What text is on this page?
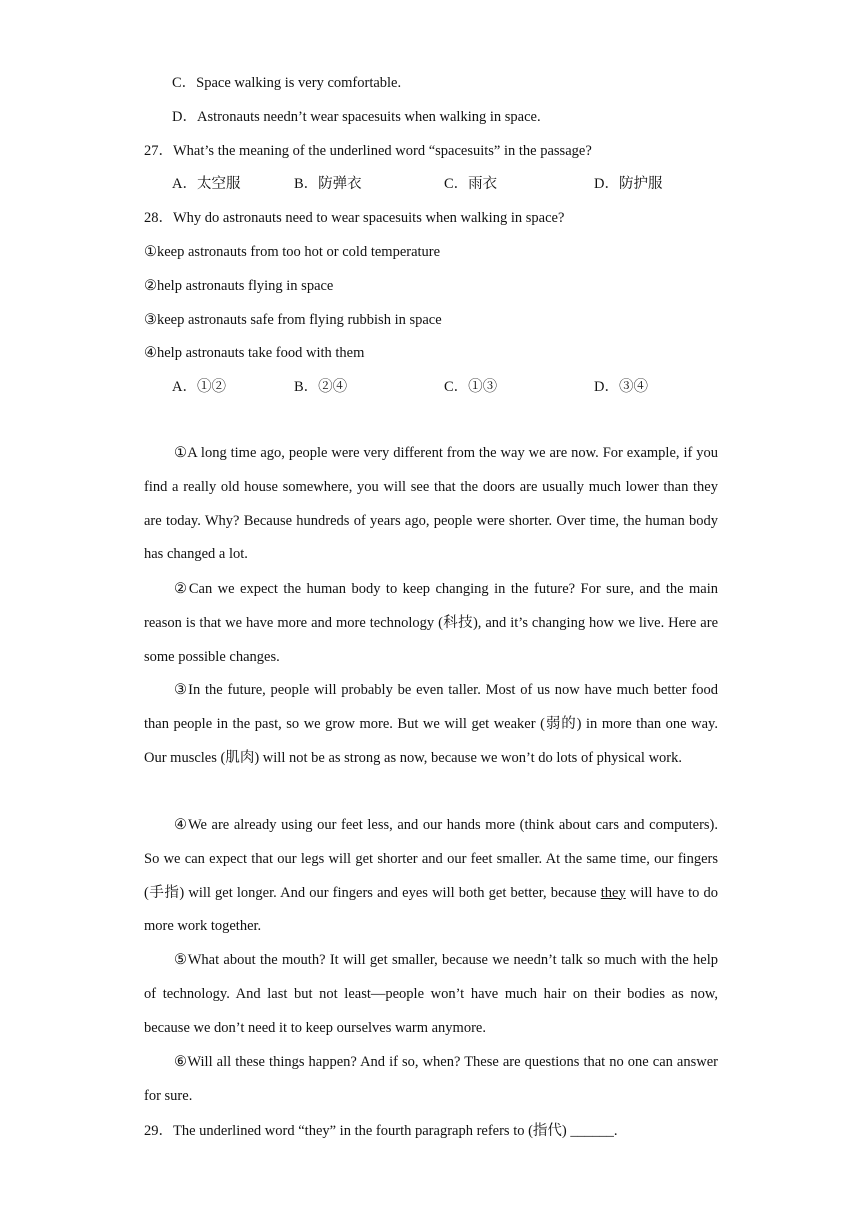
C．Space walking is very comfortable.
D．Astronauts needn’t wear spacesuits when walking in space.
27．What’s the meaning of the underlined word “spacesuits” in the passage?
A．太空服	B．防弹衣	C．雨衣	D．防护服
28．Why do astronauts need to wear spacesuits when walking in space?
①keep astronauts from too hot or cold temperature
②help astronauts flying in space
③keep astronauts safe from flying rubbish in space
④help astronauts take food with them
A．①②	B．②④	C．①③	D．③④
①A long time ago, people were very different from the way we are now. For example, if you find a really old house somewhere, you will see that the doors are usually much lower than they are today. Why? Because hundreds of years ago, people were shorter. Over time, the human body has changed a lot.
②Can we expect the human body to keep changing in the future? For sure, and the main reason is that we have more and more technology (科技), and it’s changing how we live. Here are some possible changes.
③In the future, people will probably be even taller. Most of us now have much better food than people in the past, so we grow more. But we will get weaker (弱的) in more than one way. Our muscles (肌肉) will not be as strong as now, because we won’t do lots of physical work.
④We are already using our feet less, and our hands more (think about cars and computers). So we can expect that our legs will get shorter and our feet smaller. At the same time, our fingers (手指) will get longer. And our fingers and eyes will both get better, because they will have to do more work together.
⑤What about the mouth? It will get smaller, because we needn’t talk so much with the help of technology. And last but not least—people won’t have much hair on their bodies as now, because we don’t need it to keep ourselves warm anymore.
⑥Will all these things happen? And if so, when? These are questions that no one can answer for sure.
29．The underlined word “they” in the fourth paragraph refers to (指代) ______.
